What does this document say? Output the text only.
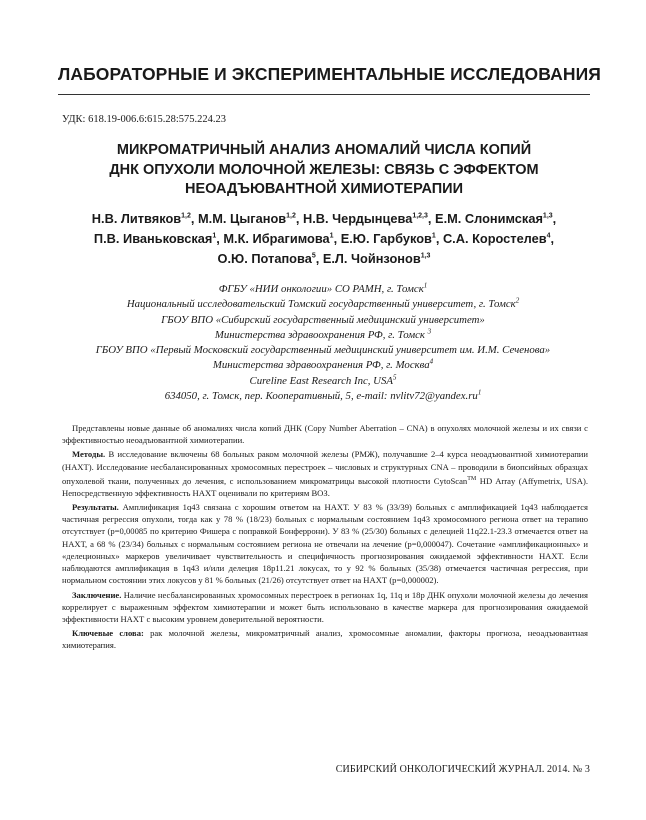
ЛАБОРАТОРНЫЕ И ЭКСПЕРИМЕНТАЛЬНЫЕ ИССЛЕДОВАНИЯ
УДК: 618.19-006.6:615.28:575.224.23
МИКРОМАТРИЧНЫЙ АНАЛИЗ АНОМАЛИЙ ЧИСЛА КОПИЙ
ДНК ОПУХОЛИ МОЛОЧНОЙ ЖЕЛЕЗЫ: СВЯЗЬ С ЭФФЕКТОМ
НЕОАДЪЮВАНТНОЙ ХИМИОТЕРАПИИ
Н.В. Литвяков$^{1,2}$, М.М. Цыганов$^{1,2}$, Н.В. Чердынцева$^{1,2,3}$, Е.М. Слонимская$^{1,3}$,
П.В. Иваньковская$^1$, М.К. Ибрагимова$^1$, Е.Ю. Гарбуков$^1$, С.А. Коростелев$^4$,
О.Ю. Потапова$^5$, Е.Л. Чойнзонов$^{1,3}$
ФГБУ «НИИ онкологии» СО РАМН, г. Томск$^1$
Национальный исследовательский Томский государственный университет, г. Томск$^2$
ГБОУ ВПО «Сибирский государственный медицинский университет»
Министерства здравоохранения РФ, г. Томск $^3$
ГБОУ ВПО «Первый Московский государственный медицинский университет им. И.М. Сеченова»
Министерства здравоохранения РФ, г. Москва$^4$
Cureline East Research Inc, USA$^5$
634050, г. Томск, пер. Кооперативный, 5, e-mail: $nvlitv72@yandex.ru^1$

Представлены новые данные об аномалиях числа копий ДНК (Copy Number Aberration – CNA) в опухолях молочной железы и их связи с эффективностью неоадъювантной химиотерапии.

Методы. В исследование включены 68 больных раком молочной железы (РМЖ), получавшие 2–4 курса неоадъювантной химиотерапии (НАХТ). Исследование несбалансированных хромосомных перестроек – числовых и структурных CNA – проводили в биопсийных образцах опухолевой ткани, полученных до лечения, с использованием микроматрицы высокой плотности CytoScan™ HD Array (Affymetrix, USA). Непосредственную эффективность НАХТ оценивали по критериям ВОЗ.

Результаты. Амплификация 1q43 связана с хорошим ответом на НАХТ. У 83 % (33/39) больных с амплификацией 1q43 наблюдается частичная регрессия опухоли, тогда как у 78 % (18/23) больных с нормальным состоянием 1q43 хромосомного региона ответ на терапию отсутствует (p=0,00085 по критерию Фишера с поправкой Бонферрони). У 83 % (25/30) больных с делецией 11q22.1-23.3 отмечается ответ на НАХТ, а 68 % (23/34) больных с нормальным состоянием региона не отвечали на лечение (p=0,000047). Сочетание «амплификационных» и «делеционных» маркеров увеличивает чувствительность и специфичность прогнозирования ожидаемой эффективности НАХТ. Если наблюдаются амплификация в 1q43 и/или делеция 18p11.21 локусах, то у 92 % больных (35/38) отмечается частичная регрессия, при нормальном состоянии этих локусов у 81 % больных (21/26) отсутствует ответ на НАХТ (p=0,000002).

Заключение. Наличие несбалансированных хромосомных перестроек в регионах 1q, 11q и 18p ДНК опухоли молочной железы до лечения коррелирует с выраженным эффектом химиотерапии и может быть использовано в качестве маркера для прогнозирования ожидаемой эффективности НАХТ с высоким уровнем доверительной вероятности.

Ключевые слова: рак молочной железы, микроматричный анализ, хромосомные аномалии, факторы прогноза, неоадъювантная химиотерапия.

СИБИРСКИЙ ОНКОЛОГИЧЕСКИЙ ЖУРНАЛ. 2014. № 3
